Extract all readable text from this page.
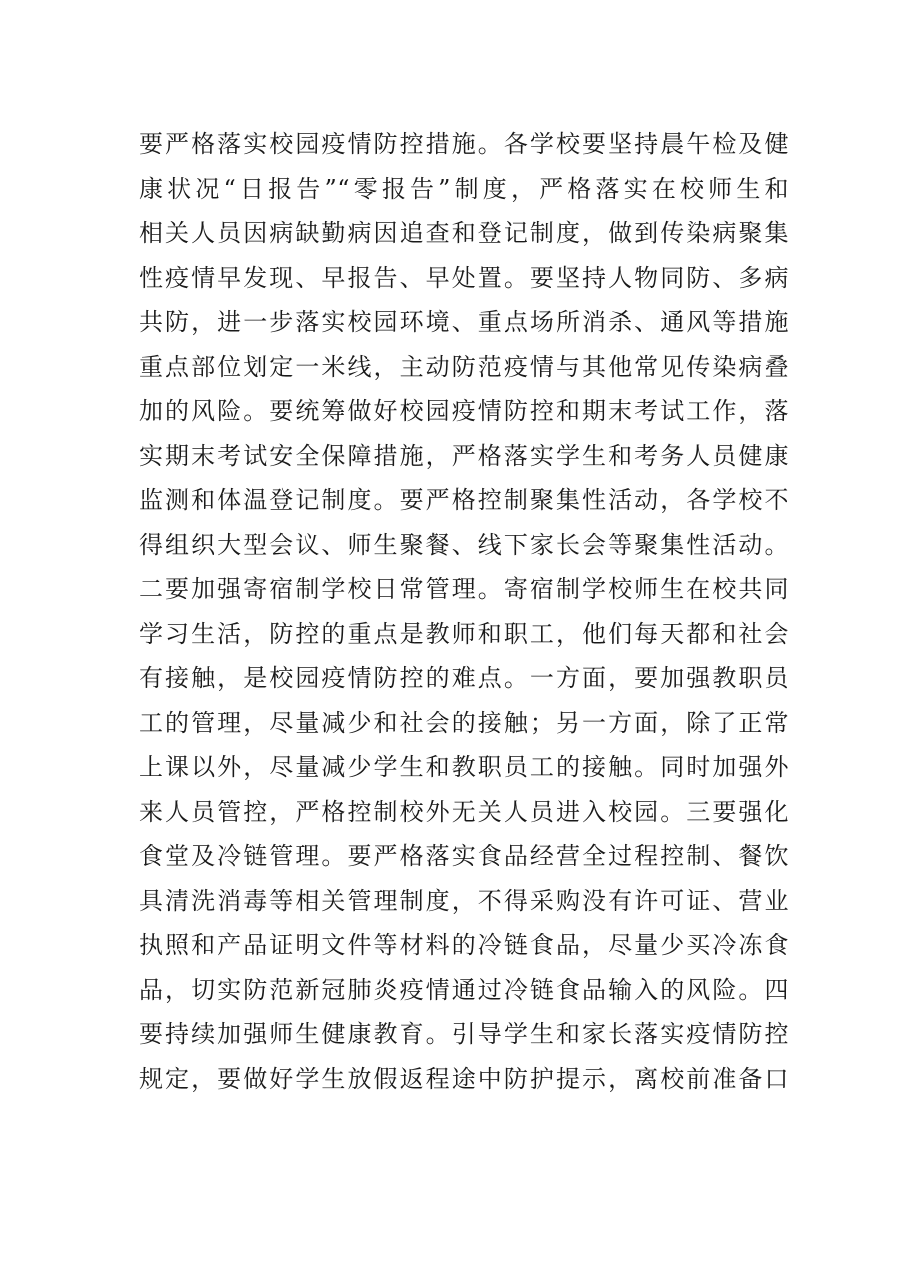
要严格落实校园疫情防控措施。各学校要坚持晨午检及健
康状况“日报告”“零报告”制度，严格落实在校师生和
相关人员因病缺勤病因追查和登记制度，做到传染病聚集
性疫情早发现、早报告、早处置。要坚持人物同防、多病
共防，进一步落实校园环境、重点场所消杀、通风等措施
重点部位划定一米线，主动防范疫情与其他常见传染病叠
加的风险。要统筹做好校园疫情防控和期末考试工作，落
实期末考试安全保障措施，严格落实学生和考务人员健康
监测和体温登记制度。要严格控制聚集性活动，各学校不
得组织大型会议、师生聚餐、线下家长会等聚集性活动。
二要加强寄宿制学校日常管理。寄宿制学校师生在校共同
学习生活，防控的重点是教师和职工，他们每天都和社会
有接触，是校园疫情防控的难点。一方面，要加强教职员
工的管理，尽量减少和社会的接触；另一方面，除了正常
上课以外，尽量减少学生和教职员工的接触。同时加强外
来人员管控，严格控制校外无关人员进入校园。三要强化
食堂及冷链管理。要严格落实食品经营全过程控制、餐饮
具清洗消毒等相关管理制度，不得采购没有许可证、营业
执照和产品证明文件等材料的冷链食品，尽量少买冷冻食
品，切实防范新冠肺炎疫情通过冷链食品输入的风险。四
要持续加强师生健康教育。引导学生和家长落实疫情防控
规定，要做好学生放假返程途中防护提示，离校前准备口
